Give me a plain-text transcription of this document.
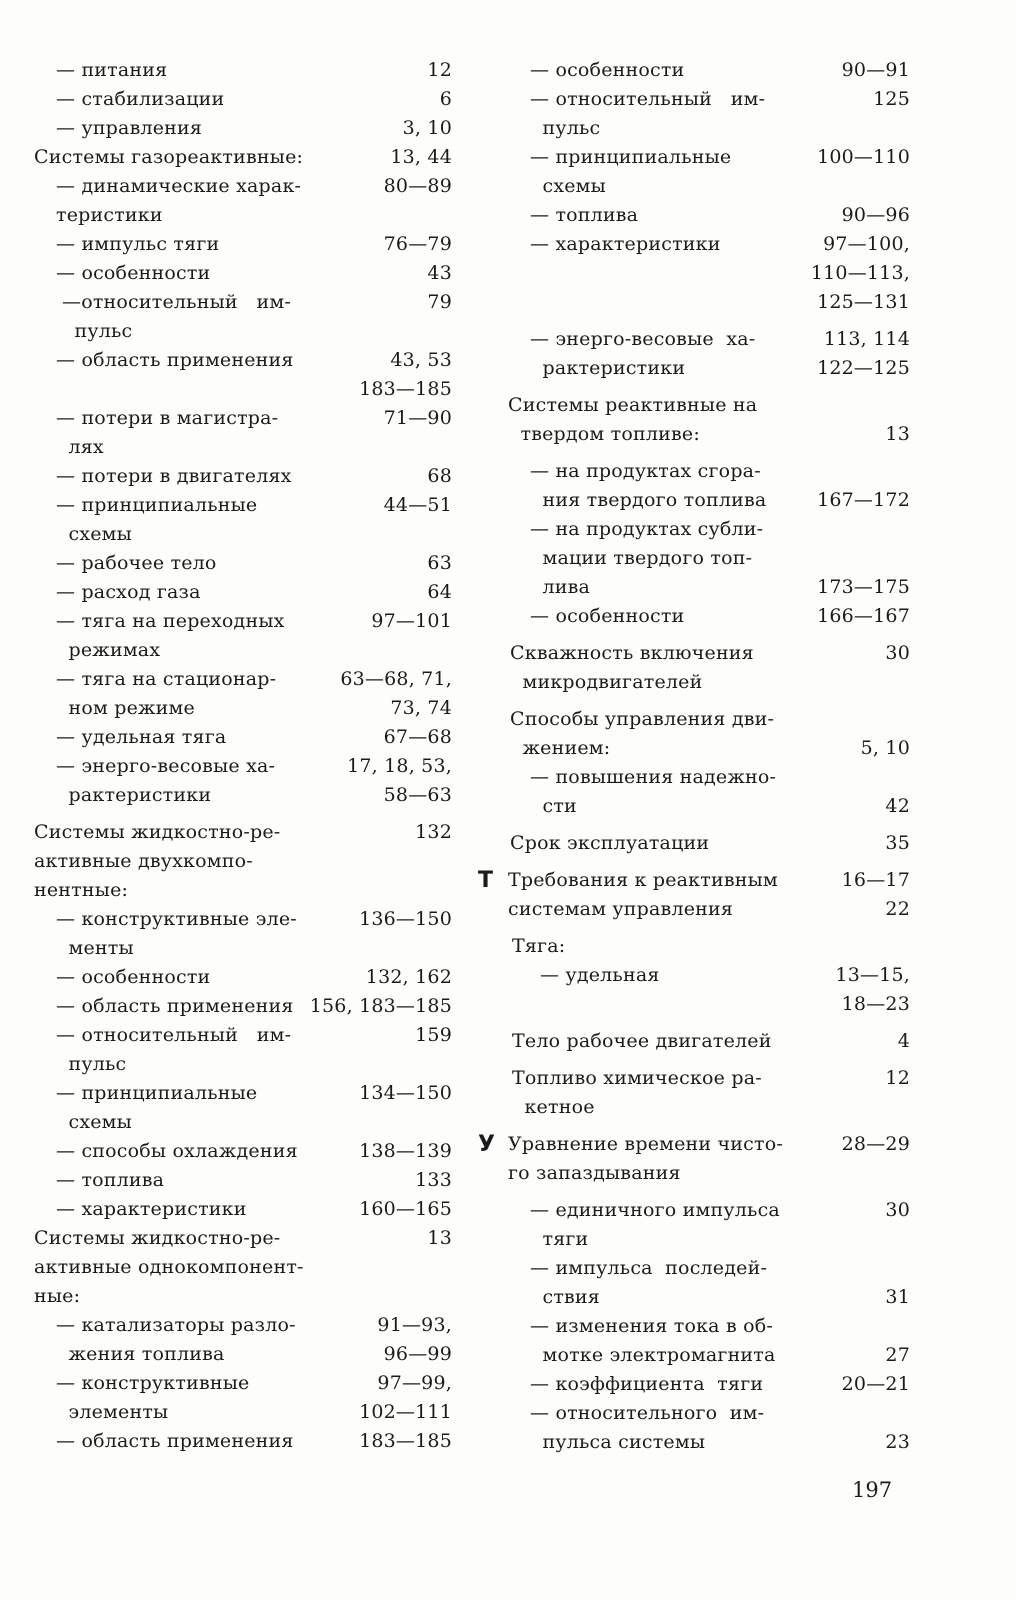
— питания	12
— стабилизации	6
— управления	3, 10
Системы газореактивные:	13, 44
— динамические харак-	80—89
теристики
— импульс тяги	76—79
— особенности	43
—относительный   им-	79
пульс
— область применения	43, 53
183—185
— потери в магистра-	71—90
лях
— потери в двигателях	68
— принципиальные	44—51
схемы
— рабочее тело	63
— расход газа	64
— тяга на переходных	97—101
режимах
— тяга на стационар-	63—68, 71,
ном режиме	73, 74
— удельная тяга	67—68
— энерго-весовые ха-	17, 18, 53,
рактеристики	58—63
Системы жидкостно-ре-	132
активные двухкомпо-
нентные:
— конструктивные эле-	136—150
менты
— особенности	132, 162
— область применения 156, 183—185
— относительный   им-	159
пульс
— принципиальные	134—150
схемы
— способы охлаждения	138—139
— топлива	133
— характеристики	160—165
Системы жидкостно-ре-	13
активные однокомпонент-
ные:
— катализаторы разло-	91—93,
жения топлива	96—99
— конструктивные	97—99,
элементы	102—111
— область применения	183—185
— особенности	90—91
— относительный   им-	125
пульс
— принципиальные	100—110
схемы
— топлива	90—96
— характеристики	97—100,
110—113,
125—131
— энерго-весовые  ха-	113, 114
рактеристики	122—125
Системы реактивные на
твердом топливе:	13
— на продуктах сгора-
ния твердого топлива	167—172
— на продуктах субли-
мации твердого топ-
лива	173—175
— особенности	166—167
Скважность включения	30
микродвигателей
Способы управления дви-
жением:	5, 10
— повышения надежно-
сти	42
Срок эксплуатации	35
Т Требования к реактивным	16—17
системам управления	22
Тяга:
— удельная	13—15,
18—23
Тело рабочее двигателей	4
Топливо химическое ра-	12
кетное
У Уравнение времени чисто-	28—29
го запаздывания
— единичного импульса	30
тяги
— импульса  последей-
ствия	31
— изменения тока в об-
мотке электромагнита	27
— коэффициента  тяги	20—21
— относительного  им-
пульса системы	23
197
